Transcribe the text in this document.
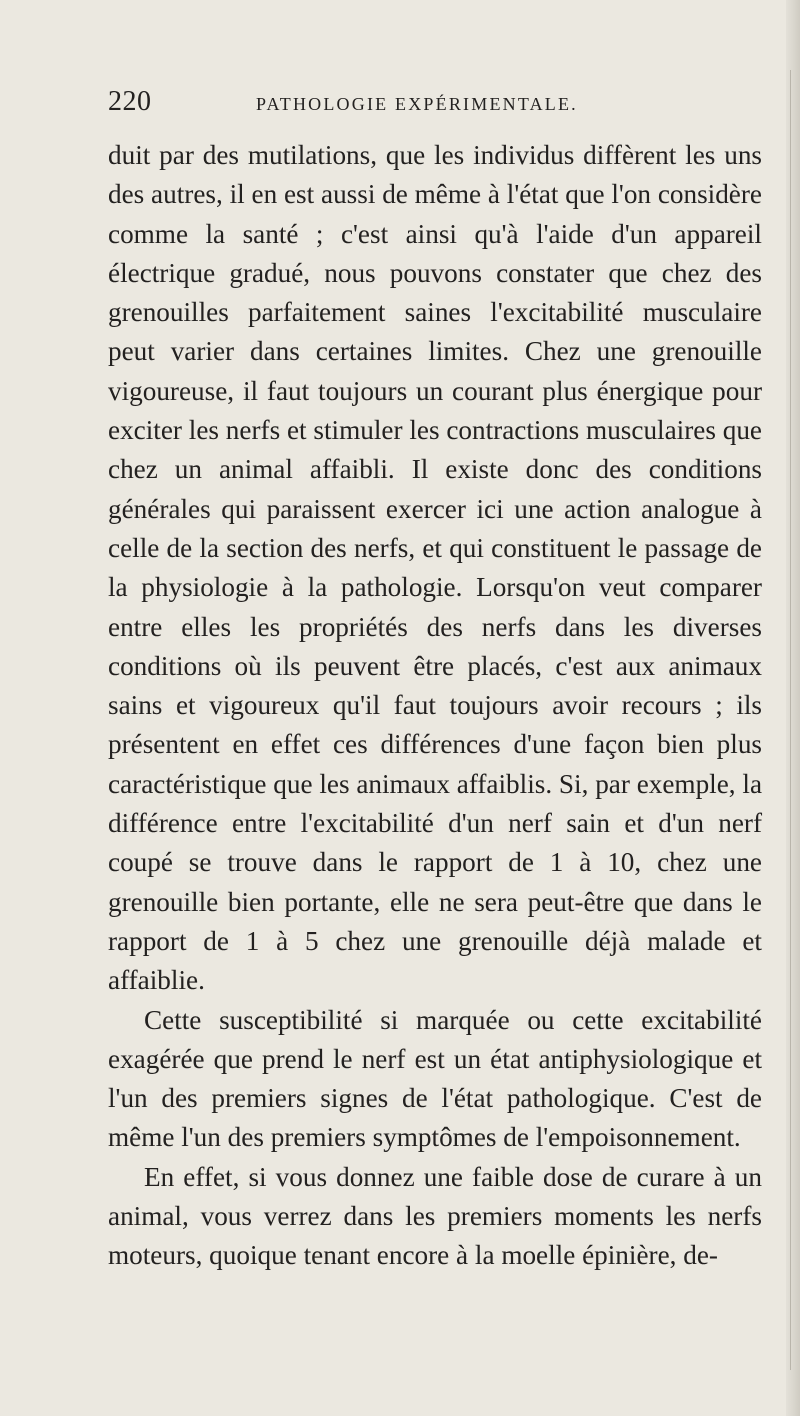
220	PATHOLOGIE EXPÉRIMENTALE.

duit par des mutilations, que les individus diffèrent les uns des autres, il en est aussi de même à l'état que l'on considère comme la santé ; c'est ainsi qu'à l'aide d'un appareil électrique gradué, nous pouvons constater que chez des grenouilles parfaitement saines l'excitabilité musculaire peut varier dans certaines limites. Chez une grenouille vigoureuse, il faut toujours un courant plus énergique pour exciter les nerfs et stimuler les contractions musculaires que chez un animal affaibli. Il existe donc des conditions générales qui paraissent exercer ici une action analogue à celle de la section des nerfs, et qui constituent le passage de la physiologie à la pathologie. Lorsqu'on veut comparer entre elles les propriétés des nerfs dans les diverses conditions où ils peuvent être placés, c'est aux animaux sains et vigoureux qu'il faut toujours avoir recours ; ils présentent en effet ces différences d'une façon bien plus caractéristique que les animaux affaiblis. Si, par exemple, la différence entre l'excitabilité d'un nerf sain et d'un nerf coupé se trouve dans le rapport de 1 à 10, chez une grenouille bien portante, elle ne sera peut-être que dans le rapport de 1 à 5 chez une grenouille déjà malade et affaiblie.

Cette susceptibilité si marquée ou cette excitabilité exagérée que prend le nerf est un état antiphysiologique et l'un des premiers signes de l'état pathologique. C'est de même l'un des premiers symptômes de l'empoisonnement.

En effet, si vous donnez une faible dose de curare à un animal, vous verrez dans les premiers moments les nerfs moteurs, quoique tenant encore à la moelle épinière, de-
